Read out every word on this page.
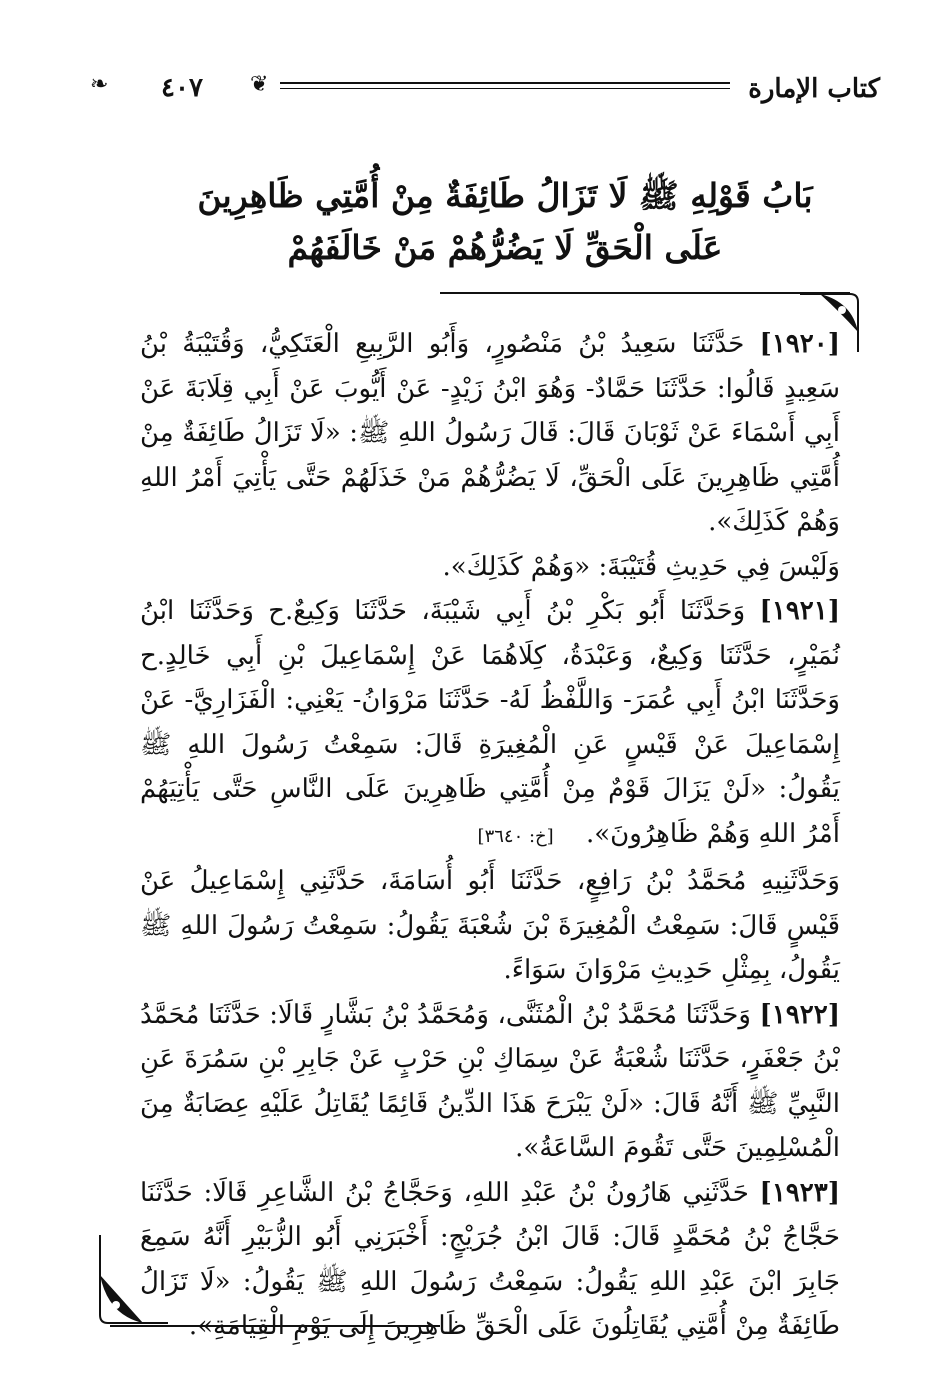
كتاب الإمارة
❧	٤٠٧	❦
بَابُ قَوْلِهِ ﷺ لَا تَزَالُ طَائِفَةٌ مِنْ أُمَّتِي ظَاهِرِينَ
عَلَى الْحَقِّ لَا يَضُرُّهُمْ مَنْ خَالَفَهُمْ

[١٩٢٠] حَدَّثَنَا سَعِيدُ بْنُ مَنْصُورٍ، وَأَبُو الرَّبِيعِ الْعَتَكِيُّ، وَقُتَيْبَةُ بْنُ سَعِيدٍ قَالُوا: حَدَّثَنَا حَمَّادٌ- وَهُوَ ابْنُ زَيْدٍ- عَنْ أَيُّوبَ عَنْ أَبِي قِلَابَةَ عَنْ أَبِي أَسْمَاءَ عَنْ ثَوْبَانَ قَالَ: قَالَ رَسُولُ اللهِ ﷺ: «لَا تَزَالُ طَائِفَةٌ مِنْ أُمَّتِي ظَاهِرِينَ عَلَى الْحَقِّ، لَا يَضُرُّهُمْ مَنْ خَذَلَهُمْ حَتَّى يَأْتِيَ أَمْرُ اللهِ وَهُمْ كَذَلِكَ».

وَلَيْسَ فِي حَدِيثِ قُتَيْبَةَ: «وَهُمْ كَذَلِكَ».

[١٩٢١] وَحَدَّثَنَا أَبُو بَكْرِ بْنُ أَبِي شَيْبَةَ، حَدَّثَنَا وَكِيعٌ.ح وَحَدَّثَنَا ابْنُ نُمَيْرٍ، حَدَّثَنَا وَكِيعٌ، وَعَبْدَةُ، كِلَاهُمَا عَنْ إِسْمَاعِيلَ بْنِ أَبِي خَالِدٍ.ح وَحَدَّثَنَا ابْنُ أَبِي عُمَرَ- وَاللَّفْظُ لَهُ- حَدَّثَنَا مَرْوَانُ- يَعْنِي: الْفَزَارِيَّ- عَنْ إِسْمَاعِيلَ عَنْ قَيْسٍ عَنِ الْمُغِيرَةِ قَالَ: سَمِعْتُ رَسُولَ اللهِ ﷺ يَقُولُ: «لَنْ يَزَالَ قَوْمٌ مِنْ أُمَّتِي ظَاهِرِينَ عَلَى النَّاسِ حَتَّى يَأْتِيَهُمْ أَمْرُ اللهِ وَهُمْ ظَاهِرُونَ». [خ: ٣٦٤٠]

وَحَدَّثَنِيهِ مُحَمَّدُ بْنُ رَافِعٍ، حَدَّثَنَا أَبُو أُسَامَةَ، حَدَّثَنِي إِسْمَاعِيلُ عَنْ قَيْسٍ قَالَ: سَمِعْتُ الْمُغِيرَةَ بْنَ شُعْبَةَ يَقُولُ: سَمِعْتُ رَسُولَ اللهِ ﷺ يَقُولُ، بِمِثْلِ حَدِيثِ مَرْوَانَ سَوَاءً.

[١٩٢٢] وَحَدَّثَنَا مُحَمَّدُ بْنُ الْمُثَنَّى، وَمُحَمَّدُ بْنُ بَشَّارٍ قَالَا: حَدَّثَنَا مُحَمَّدُ بْنُ جَعْفَرٍ، حَدَّثَنَا شُعْبَةُ عَنْ سِمَاكِ بْنِ حَرْبٍ عَنْ جَابِرِ بْنِ سَمُرَةَ عَنِ النَّبِيِّ ﷺ أَنَّهُ قَالَ: «لَنْ يَبْرَحَ هَذَا الدِّينُ قَائِمًا يُقَاتِلُ عَلَيْهِ عِصَابَةٌ مِنَ الْمُسْلِمِينَ حَتَّى تَقُومَ السَّاعَةُ».

[١٩٢٣] حَدَّثَنِي هَارُونُ بْنُ عَبْدِ اللهِ، وَحَجَّاجُ بْنُ الشَّاعِرِ قَالَا: حَدَّثَنَا حَجَّاجُ بْنُ مُحَمَّدٍ قَالَ: قَالَ ابْنُ جُرَيْجٍ: أَخْبَرَنِي أَبُو الزُّبَيْرِ أَنَّهُ سَمِعَ جَابِرَ ابْنَ عَبْدِ اللهِ يَقُولُ: سَمِعْتُ رَسُولَ اللهِ ﷺ يَقُولُ: «لَا تَزَالُ طَائِفَةٌ مِنْ أُمَّتِي يُقَاتِلُونَ عَلَى الْحَقِّ ظَاهِرِينَ إِلَى يَوْمِ الْقِيَامَةِ».
